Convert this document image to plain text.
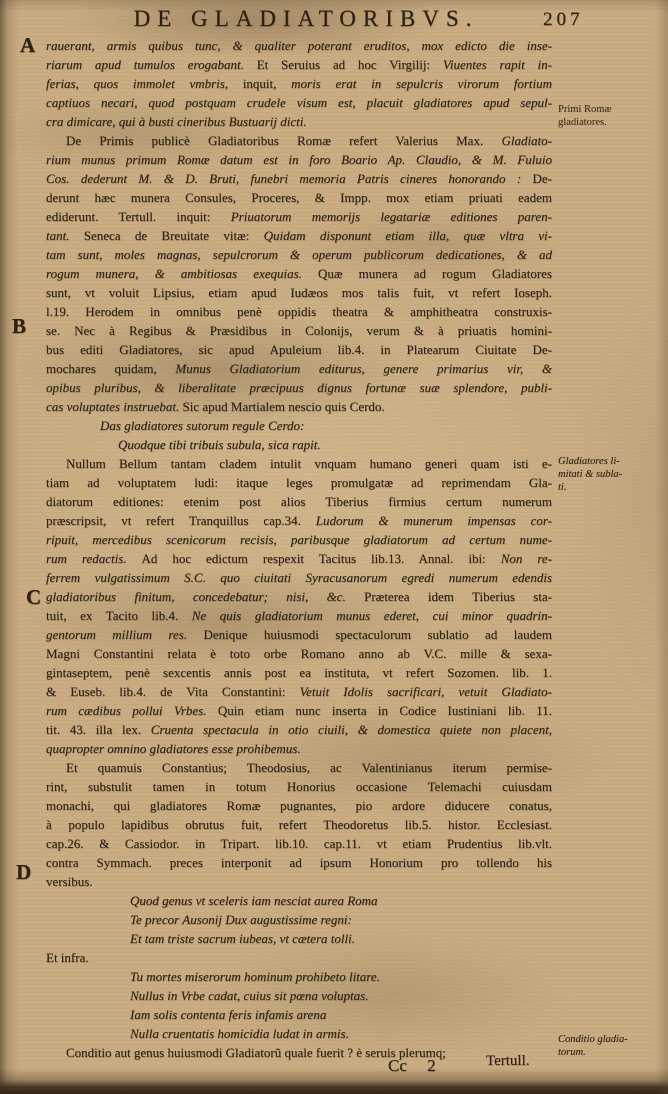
DE GLADIATORIBVS.	207
A
B
C
D
rauerant, armis quibus tunc, & qualiter poterant eruditos, mox edicto die inse-
riarum apud tumulos erogabant. Et Seruius ad hoc Virgilij: Viuentes rapit in-
ferias, quos immolet vmbris, inquit, moris erat in sepulcris virorum fortium
captiuos necari, quod postquam crudele visum est, placuit gladiatores apud sepul-
cra dimicare, qui à busti cineribus Bustuarij dicti.
De Primis publicè Gladiatoribus Romæ refert Valerius Max. Gladiato-
rium munus primum Romæ datum est in foro Boario Ap. Claudio, & M. Fuluio
Cos. dederunt M. & D. Bruti, funebri memoria Patris cineres honorando : De-
derunt hæc munera Consules, Proceres, & Impp. mox etiam priuati eadem
ediderunt. Tertull. inquit: Priuatorum memorijs legatariæ editiones paren-
tant. Seneca de Breuitate vitæ: Quidam disponunt etiam illa, quæ vltra vi-
tam sunt, moles magnas, sepulcrorum & operum publicorum dedicationes, & ad
rogum munera, & ambitiosas exequias. Quæ munera ad rogum Gladiatores
sunt, vt voluit Lipsius, etiam apud Iudæos mos talis fuit, vt refert Ioseph.
l.19. Herodem in omnibus penè oppidis theatra & amphitheatra construxis-
se. Nec à Regibus & Præsidibus in Colonijs, verum & à priuatis homini-
bus editi Gladiatores, sic apud Apuleium lib.4. in Platearum Ciuitate De-
mochares quidam, Munus Gladiatorium editurus, genere primarius vir, &
opibus pluribus, & liberalitate præcipuus dignus fortunæ suæ splendore, publi-
cas voluptates instruebat. Sic apud Martialem nescio quis Cerdo.
Das gladiatores sutorum regule Cerdo:
Quodque tibi tribuis subula, sica rapit.
Nullum Bellum tantam cladem intulit vnquam humano generi quam isti e-
tiam ad voluptatem ludi: itaque leges promulgatæ ad reprimendam Gla-
diatorum editiones: etenim post alios Tiberius firmius certum numerum
præscripsit, vt refert Tranquillus cap.34. Ludorum & munerum impensas cor-
ripuit, mercedibus scenicorum recisis, paribusque gladiatorum ad certum nume-
rum redactis. Ad hoc edictum respexit Tacitus lib.13. Annal. ibi: Non re-
ferrem vulgatissimum S.C. quo ciuitati Syracusanorum egredi numerum edendis
gladiatoribus finitum, concedebatur; nisi, &c. Præterea idem Tiberius sta-
tuit, ex Tacito lib.4. Ne quis gladiatorium munus ederet, cui minor quadrin-
gentorum millium res. Denique huiusmodi spectaculorum sublatio ad laudem
Magni Constantini relata è toto orbe Romano anno ab V.C. mille & sexa-
gintaseptem, penè sexcentis annis post ea instituta, vt refert Sozomen. lib. 1.
& Euseb. lib.4. de Vita Constantini: Vetuit Idolis sacrificari, vetuit Gladiato-
rum cædibus pollui Vrbes. Quin etiam nunc inserta in Codice Iustiniani lib. 11.
tit. 43. illa lex. Cruenta spectacula in otio ciuili, & domestica quiete non placent,
quapropter omnino gladiatores esse prohibemus.
Et quamuis Constantius; Theodosius, ac Valentinianus iterum permise-
rint, substulit tamen in totum Honorius occasione Telemachi cuiusdam
monachi, qui gladiatores Romæ pugnantes, pio ardore diducere conatus,
à populo lapidibus obrutus fuit, refert Theodoretus lib.5. histor. Ecclesiast.
cap.26. & Cassiodor. in Tripart. lib.10. cap.11. vt etiam Prudentius lib.vlt.
contra Symmach. preces interponit ad ipsum Honorium pro tollendo his
versibus.
Quod genus vt sceleris iam nesciat aurea Roma
Te precor Ausonij Dux augustissime regni:
Et tam triste sacrum iubeas, vt cætera tolli.
Et infra.
Tu mortes miserorum hominum prohibeto litare.
Nullus in Vrbe cadat, cuius sit pœna voluptas.
Iam solis contenta feris infamis arena
Nulla cruentatis homicidia ludat in armis.
Conditio aut genus huiusmodi Gladiatorũ quale fuerit ? è seruis plerumq;
Primi Romæ
gladiatores.
Gladiatores li-
mitati & subla-
ti.
Conditio gladia-
torum.
Cc 2	Tertull.
